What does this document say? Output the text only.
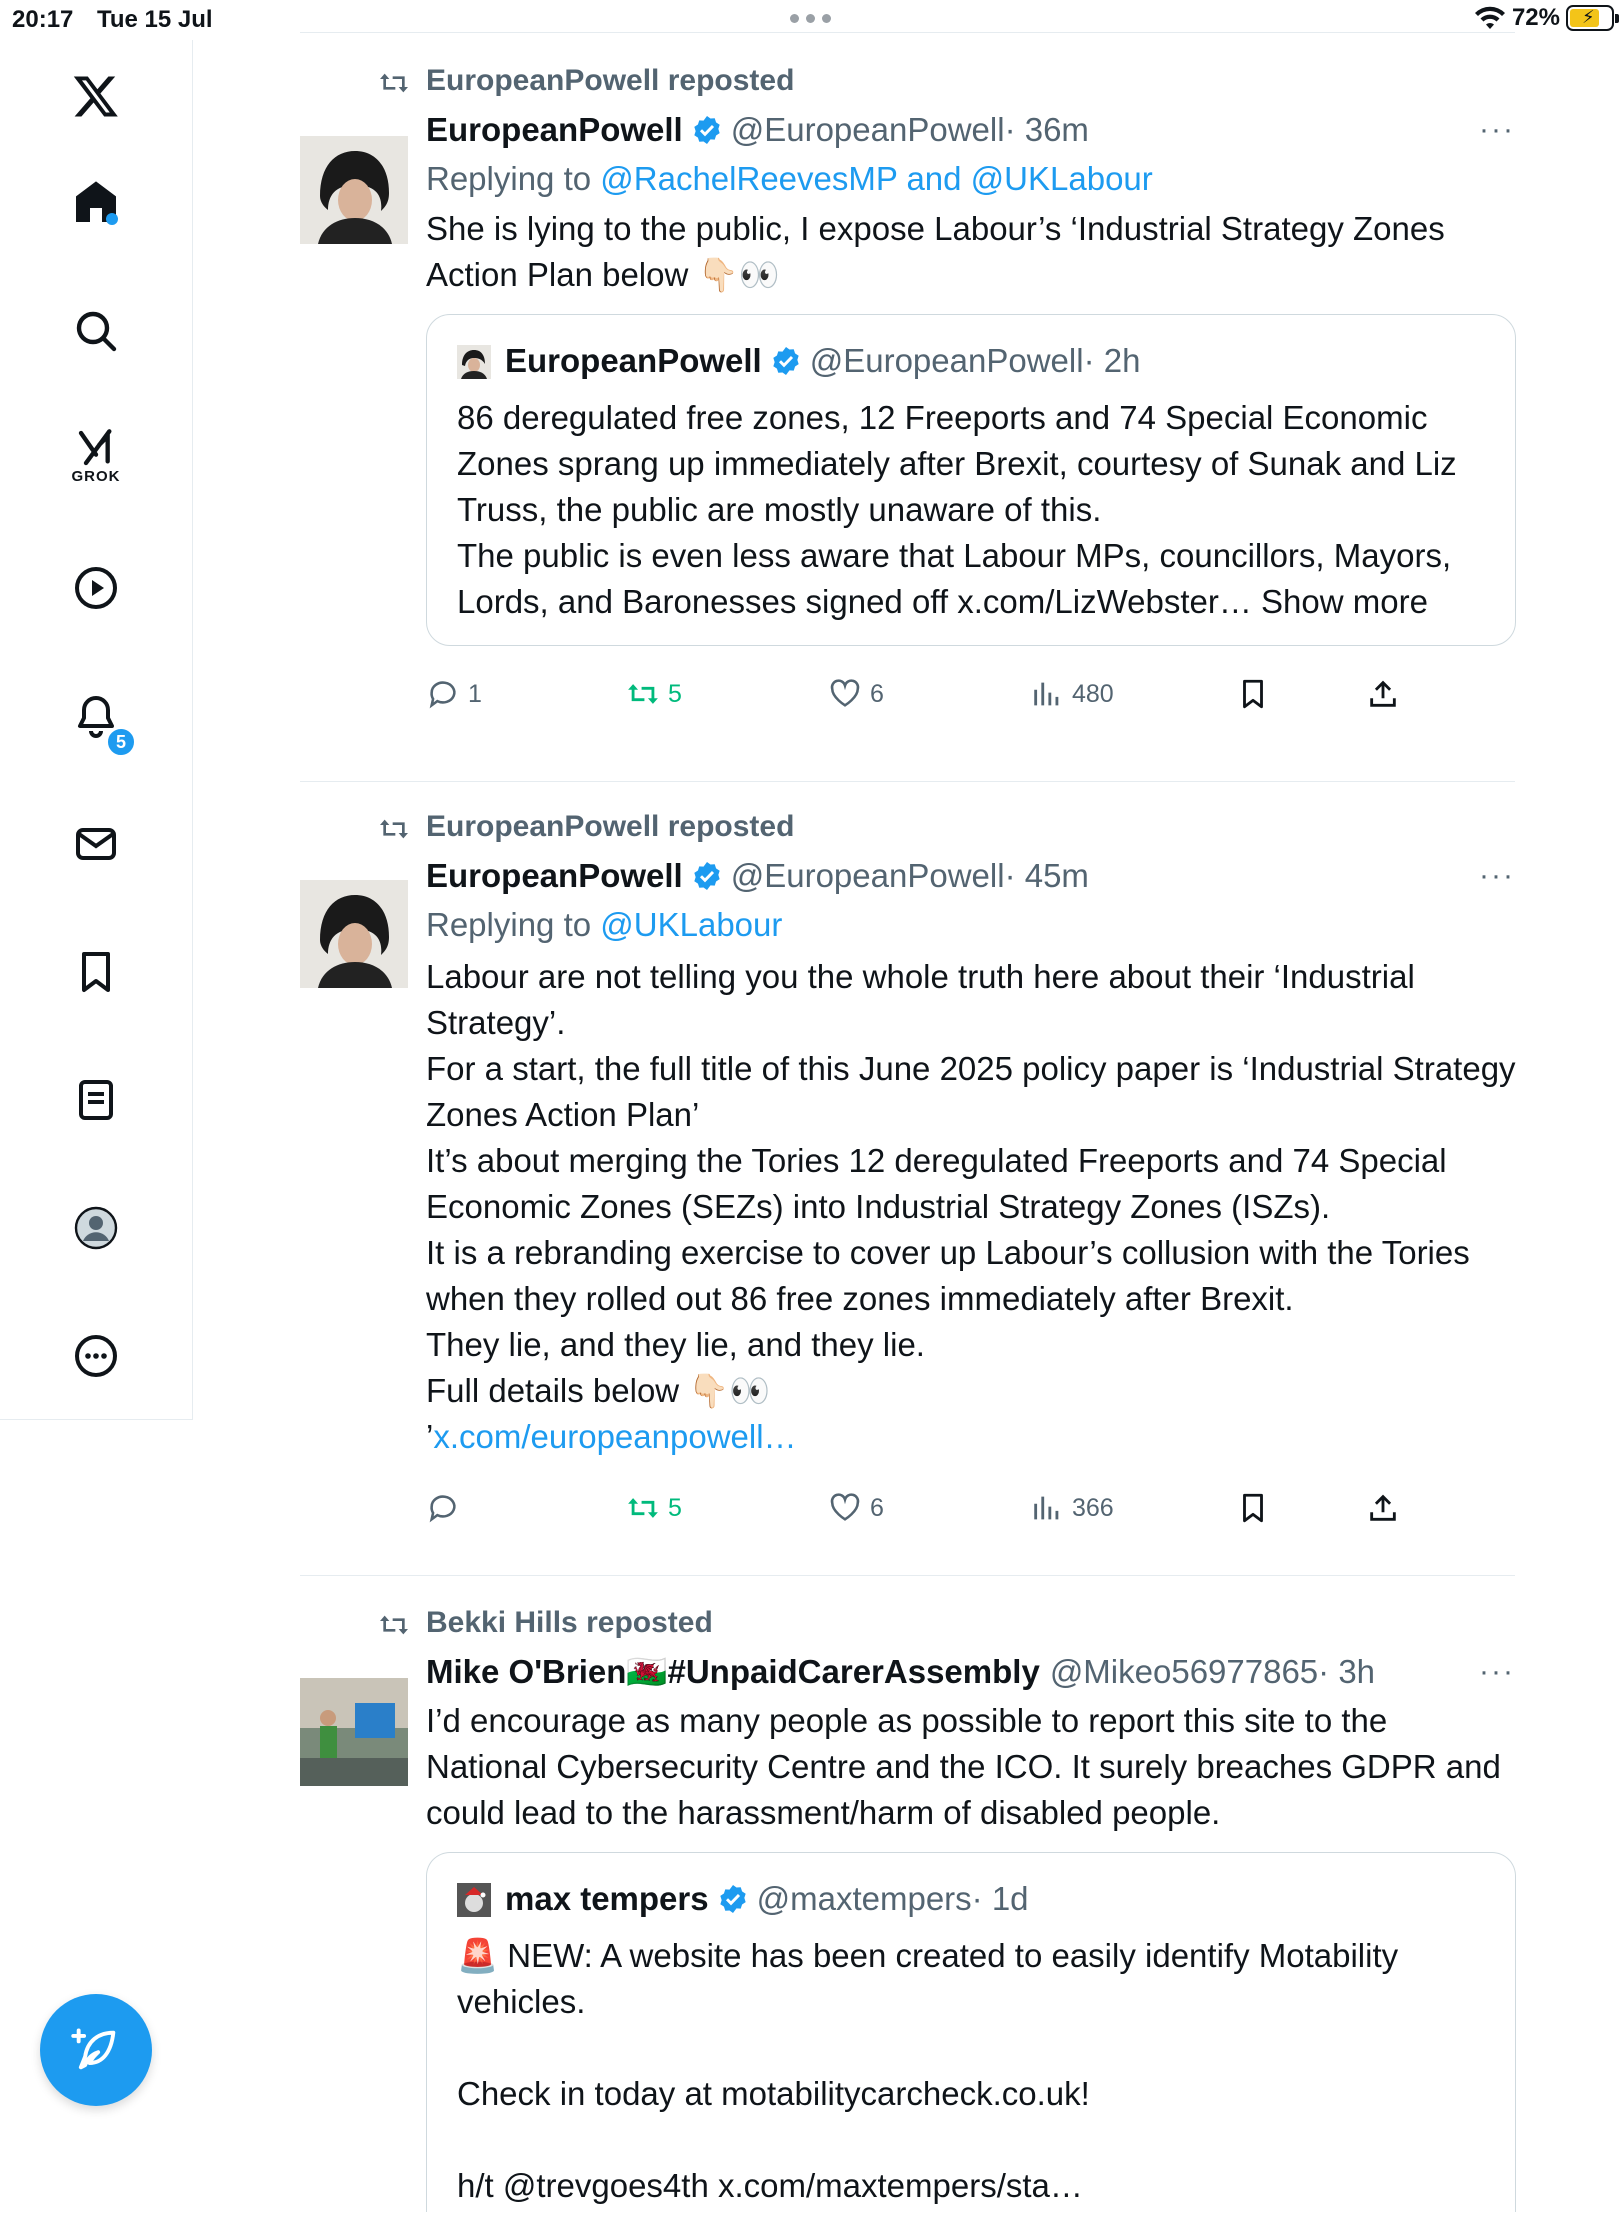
20:17 Tue 15 Jul	72% ⚡
GROK
5
EuropeanPowell reposted
EuropeanPowell @EuropeanPowell · 36m	···
Replying to @RachelReevesMP and @UKLabour
She is lying to the public, I expose Labour’s ‘Industrial Strategy Zones Action Plan below 👇🏻👀
EuropeanPowell @EuropeanPowell · 2h
86 deregulated free zones, 12 Freeports and 74 Special Economic Zones sprang up immediately after Brexit, courtesy of Sunak and Liz Truss, the public are mostly unaware of this.
The public is even less aware that Labour MPs, councillors, Mayors, Lords, and Baronesses signed off x.com/LizWebster… Show more
1	5	6	480
EuropeanPowell reposted
EuropeanPowell @EuropeanPowell · 45m	···
Replying to @UKLabour
Labour are not telling you the whole truth here about their ‘Industrial Strategy’.
For a start, the full title of this June 2025 policy paper is ‘Industrial Strategy Zones Action Plan’
It’s about merging the Tories 12 deregulated Freeports and 74 Special Economic Zones (SEZs) into Industrial Strategy Zones (ISZs).
It is a rebranding exercise to cover up Labour’s collusion with the Tories when they rolled out 86 free zones immediately after Brexit.
They lie, and they lie, and they lie.
Full details below 👇🏻👀
’x.com/europeanpowell…
5	6	366
Bekki Hills reposted
Mike O'Brien🏴󠁧󠁢󠁷󠁬󠁳󠁿#UnpaidCarerAssembly @Mikeo56977865 · 3h	···
I’d encourage as many people as possible to report this site to the National Cybersecurity Centre and the ICO. It surely breaches GDPR and could lead to the harassment/harm of disabled people.
max tempers @maxtempers · 1d
🚨 NEW: A website has been created to easily identify Motability vehicles.

Check in today at motabilitycarcheck.co.uk!

h/t @trevgoes4th x.com/maxtempers/sta…
